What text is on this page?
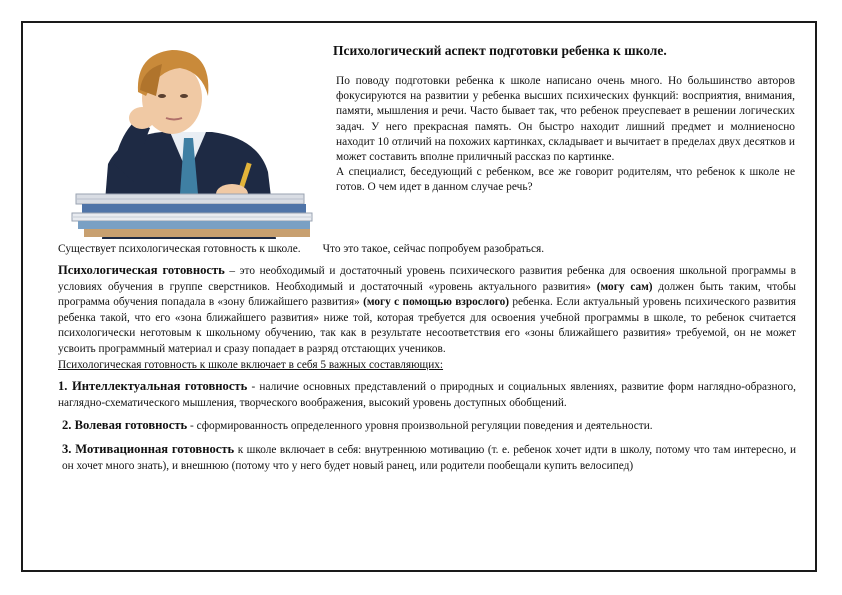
Психологический аспект подготовки ребенка к школе.

По поводу подготовки ребенка к школе написано очень много. Но большинство авторов фокусируются на развитии у ребенка высших психических функций: восприятия, внимания, памяти, мышления и речи. Часто бывает так, что ребенок преуспевает в решении логических задач. У него прекрасная память. Он быстро находит лишний предмет и молниеносно находит 10 отличий на похожих картинках, складывает и вычитает в пределах двух десятков и может составить вполне приличный рассказ по картинке.

А специалист, беседующий с ребенком, все же говорит родителям, что ребенок к школе не готов. О чем идет в данном случае речь?

Существует психологическая готовность к школе. Что это такое, сейчас попробуем разобраться.

Психологическая готовность – это необходимый и достаточный уровень психического развития ребенка для освоения школьной программы в условиях обучения в группе сверстников. Необходимый и достаточный «уровень актуального развития» (могу сам) должен быть таким, чтобы программа обучения попадала в «зону ближайшего развития» (могу с помощью взрослого) ребенка. Если актуальный уровень психического развития ребенка такой, что его «зона ближайшего развития» ниже той, которая требуется для освоения учебной программы в школе, то ребенок считается психологически неготовым к школьному обучению, так как в результате несоответствия его «зоны ближайшего развития» требуемой, он не может усвоить программный материал и сразу попадает в разряд отстающих учеников.

Психологическая готовность к школе включает в себя 5 важных составляющих:

1. Интеллектуальная готовность - наличие основных представлений о природных и социальных явлениях, развитие форм наглядно-образного, наглядно-схематического мышления, творческого воображения, высокий уровень доступных обобщений.

2. Волевая готовность - сформированность определенного уровня произвольной регуляции поведения и деятельности.

3. Мотивационная готовность к школе включает в себя: внутреннюю мотивацию (т. е. ребенок хочет идти в школу, потому что там интересно, и он хочет много знать), и внешнюю (потому что у него будет новый ранец, или родители пообещали купить велосипед)
